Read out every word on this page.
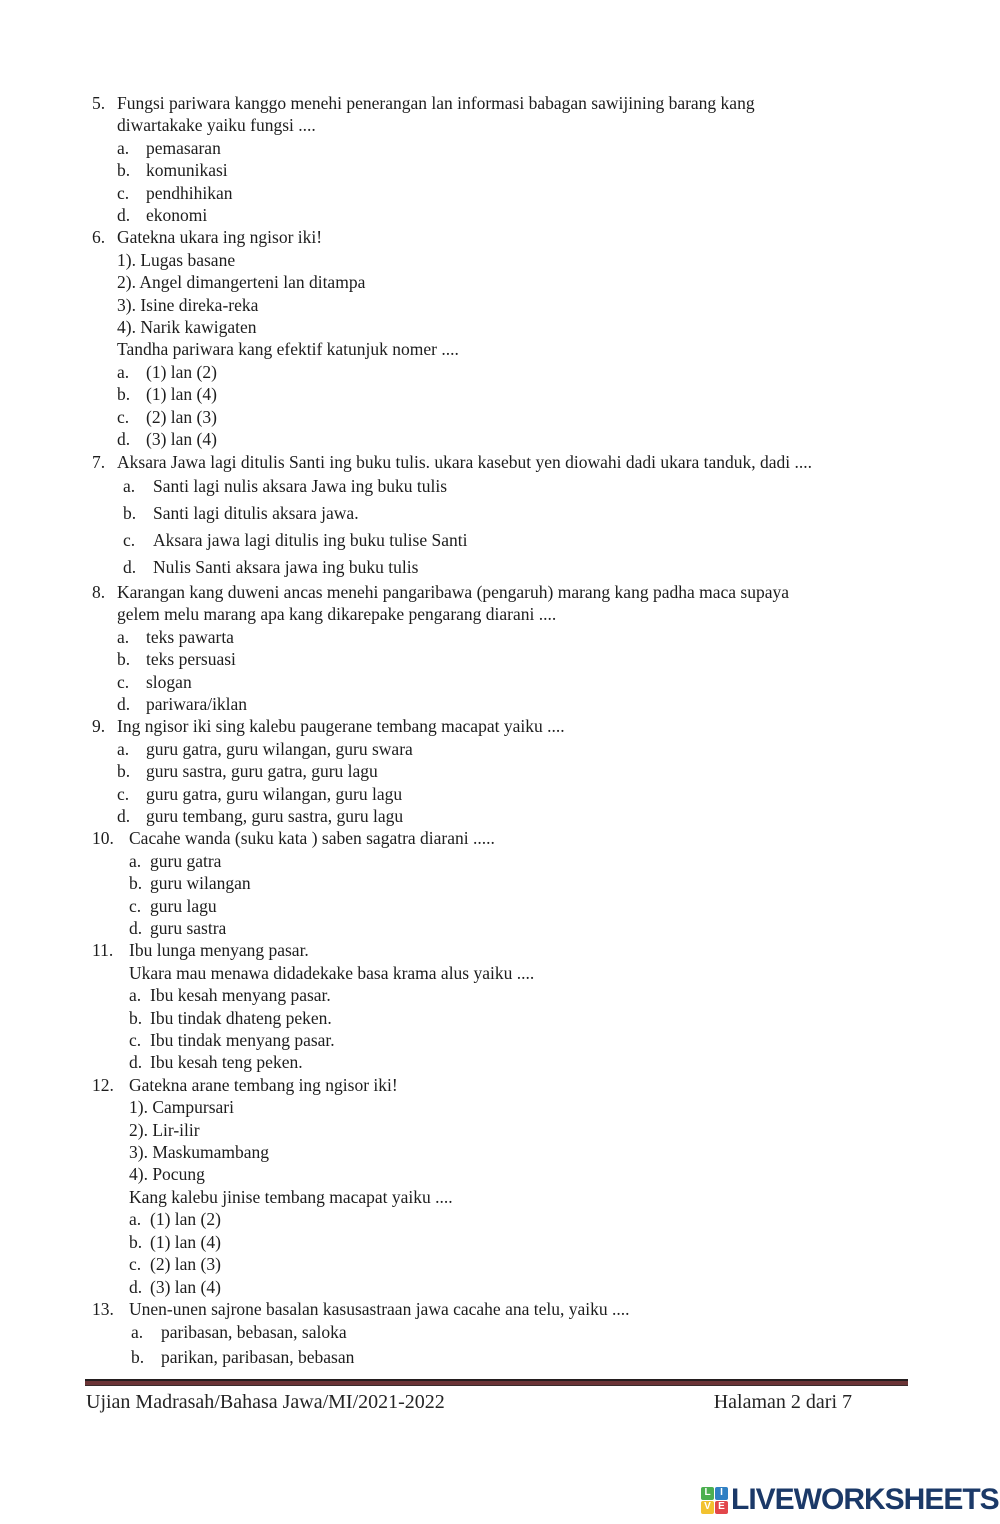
5. Fungsi pariwara kanggo menehi penerangan lan informasi babagan sawijining barang kang
diwartakake yaiku fungsi ....
a. pemasaran
b. komunikasi
c. pendhihikan
d. ekonomi
6. Gatekna ukara ing ngisor iki!
1). Lugas basane
2). Angel dimangerteni lan ditampa
3). Isine direka-reka
4). Narik kawigaten
Tandha pariwara kang efektif katunjuk nomer ....
a. (1) lan (2)
b. (1) lan (4)
c. (2) lan (3)
d. (3) lan (4)
7. Aksara Jawa lagi ditulis Santi ing buku tulis. ukara kasebut yen diowahi dadi ukara tanduk, dadi ....
a.	Santi lagi nulis aksara Jawa ing buku tulis
b. Santi lagi ditulis aksara jawa.
c.	Aksara jawa lagi ditulis ing buku tulise Santi
d. Nulis Santi aksara jawa ing buku tulis
8. Karangan kang duweni ancas menehi pangaribawa (pengaruh) marang kang padha maca supaya
gelem melu marang apa kang dikarepake pengarang diarani ....
a. teks pawarta
b. teks persuasi
c. slogan
d. pariwara/iklan
9. Ing ngisor iki sing kalebu paugerane tembang macapat yaiku ....
a. guru gatra, guru wilangan, guru swara
b. guru sastra, guru gatra, guru lagu
c. guru gatra, guru wilangan, guru lagu
d. guru tembang, guru sastra, guru lagu
10. Cacahe wanda (suku kata ) saben sagatra diarani .....
a. guru gatra
b. guru wilangan
c. guru lagu
d. guru sastra
11. Ibu lunga menyang pasar.
Ukara mau menawa didadekake basa krama alus yaiku ....
a. Ibu kesah menyang pasar.
b. Ibu tindak dhateng peken.
c. Ibu tindak menyang pasar.
d. Ibu kesah teng peken.
12. Gatekna arane tembang ing ngisor iki!
1). Campursari
2). Lir-ilir
3). Maskumambang
4). Pocung
Kang kalebu jinise tembang macapat yaiku ....
a. (1) lan (2)
b. (1) lan (4)
c. (2) lan (3)
d. (3) lan (4)
13. Unen-unen sajrone basalan kasusastraan jawa cacahe ana telu, yaiku ....
a.	paribasan, bebasan, saloka
b. parikan, paribasan, bebasan
Ujian Madrasah/Bahasa Jawa/MI/2021-2022	Halaman 2 dari 7
L I
V E LIVEWORKSHEETS
